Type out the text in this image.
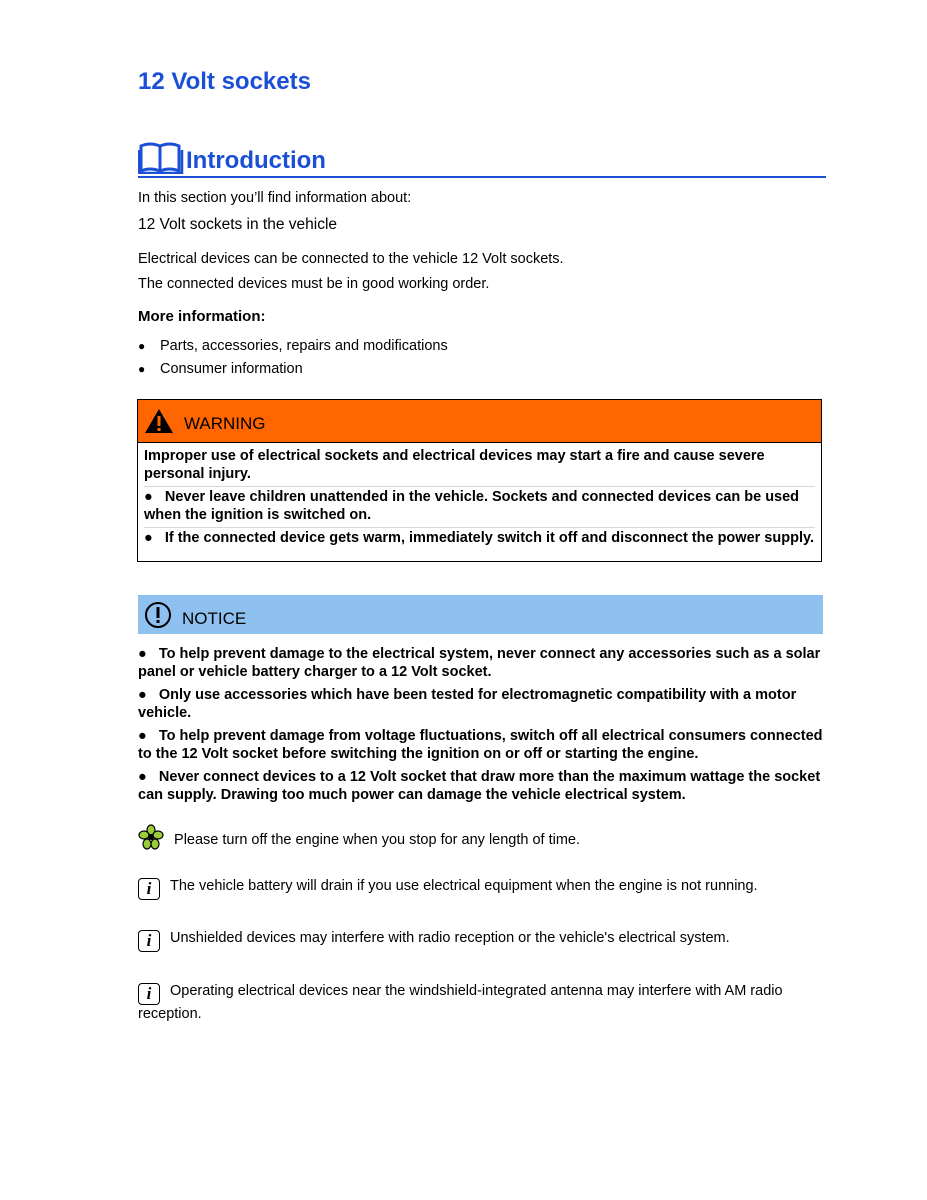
12 Volt sockets
Introduction

In this section you’ll find information about:

12 Volt sockets in the vehicle

Electrical devices can be connected to the vehicle 12 Volt sockets.

The connected devices must be in good working order.

More information:
●	Parts, accessories, repairs and modifications
●	Consumer information
WARNING
Improper use of electrical sockets and electrical devices may start a fire and cause severe personal injury.
●   Never leave children unattended in the vehicle. Sockets and connected devices can be used when the ignition is switched on.
●   If the connected device gets warm, immediately switch it off and disconnect the power supply.
NOTICE
●   To help prevent damage to the electrical system, never connect any accessories such as a solar panel or vehicle battery charger to a 12 Volt socket.
●   Only use accessories which have been tested for electromagnetic compatibility with a motor vehicle.
●   To help prevent damage from voltage fluctuations, switch off all electrical consumers connected to the 12 Volt socket before switching the ignition on or off or starting the engine.
●   Never connect devices to a 12 Volt socket that draw more than the maximum wattage the socket can supply. Drawing too much power can damage the vehicle electrical system.
Please turn off the engine when you stop for any length of time.
i The vehicle battery will drain if you use electrical equipment when the engine is not running.
i Unshielded devices may interfere with radio reception or the vehicle's electrical system.
i Operating electrical devices near the windshield-integrated antenna may interfere with AM radio reception.
